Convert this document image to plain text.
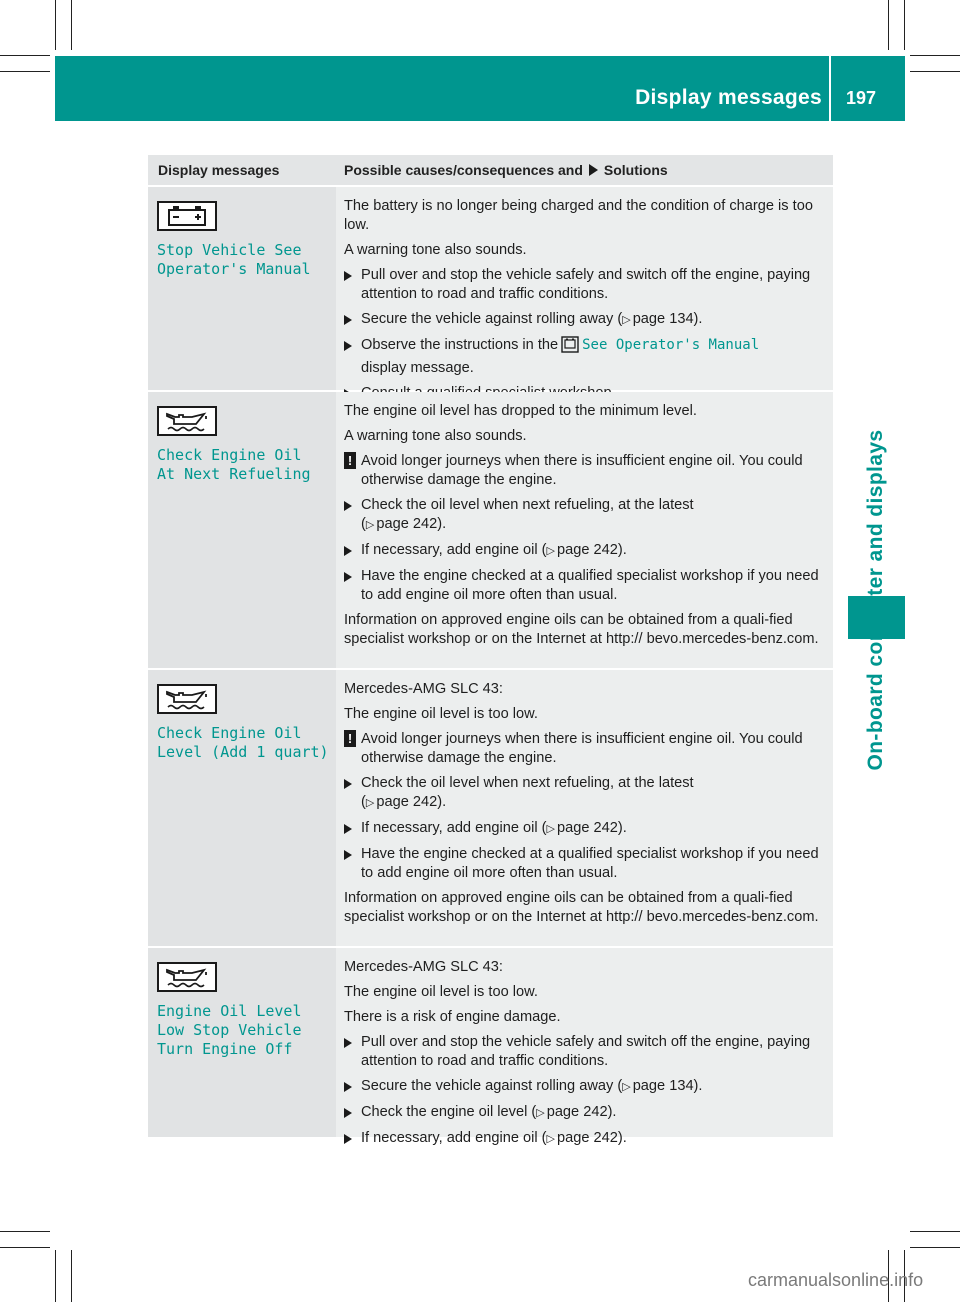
Display messages 197
Display messages	Possible causes/consequences and Solutions
Stop Vehicle See
Operator's Manual

The battery is no longer being charged and the condition of charge is too low.

A warning tone also sounds.

Pull over and stop the vehicle safely and switch off the engine, paying attention to road and traffic conditions.
Secure the vehicle against rolling away (▷ page 134).
Observe the instructions in the See Operator's Manual
display message.
Check Engine Oil
At Next Refueling

The engine oil level has dropped to the minimum level.

A warning tone also sounds.

! Avoid longer journeys when there is insufficient engine oil. You could otherwise damage the engine.
Check the oil level when next refueling, at the latest
(▷ page 242).
If necessary, add engine oil (▷ page 242).
Have the engine checked at a qualified specialist workshop if you need to add engine oil more often than usual.

Information on approved engine oils can be obtained from a quali-fied specialist workshop or on the Internet at http:// bevo.mercedes-benz.com.

Check Engine Oil
Level (Add 1 quart)

Mercedes-AMG SLC 43:

The engine oil level is too low.

! Avoid longer journeys when there is insufficient engine oil. You could otherwise damage the engine.
Check the oil level when next refueling, at the latest
(▷ page 242).
If necessary, add engine oil (▷ page 242).
Have the engine checked at a qualified specialist workshop if you need to add engine oil more often than usual.

Information on approved engine oils can be obtained from a quali-fied specialist workshop or on the Internet at http:// bevo.mercedes-benz.com.

Engine Oil Level
Low Stop Vehicle
Turn Engine Off

Mercedes-AMG SLC 43:

The engine oil level is too low.

There is a risk of engine damage.

Pull over and stop the vehicle safely and switch off the engine, paying attention to road and traffic conditions.
Secure the vehicle against rolling away (▷ page 134).
Check the engine oil level (▷ page 242).
If necessary, add engine oil (▷ page 242).
carmanualsonline.info
